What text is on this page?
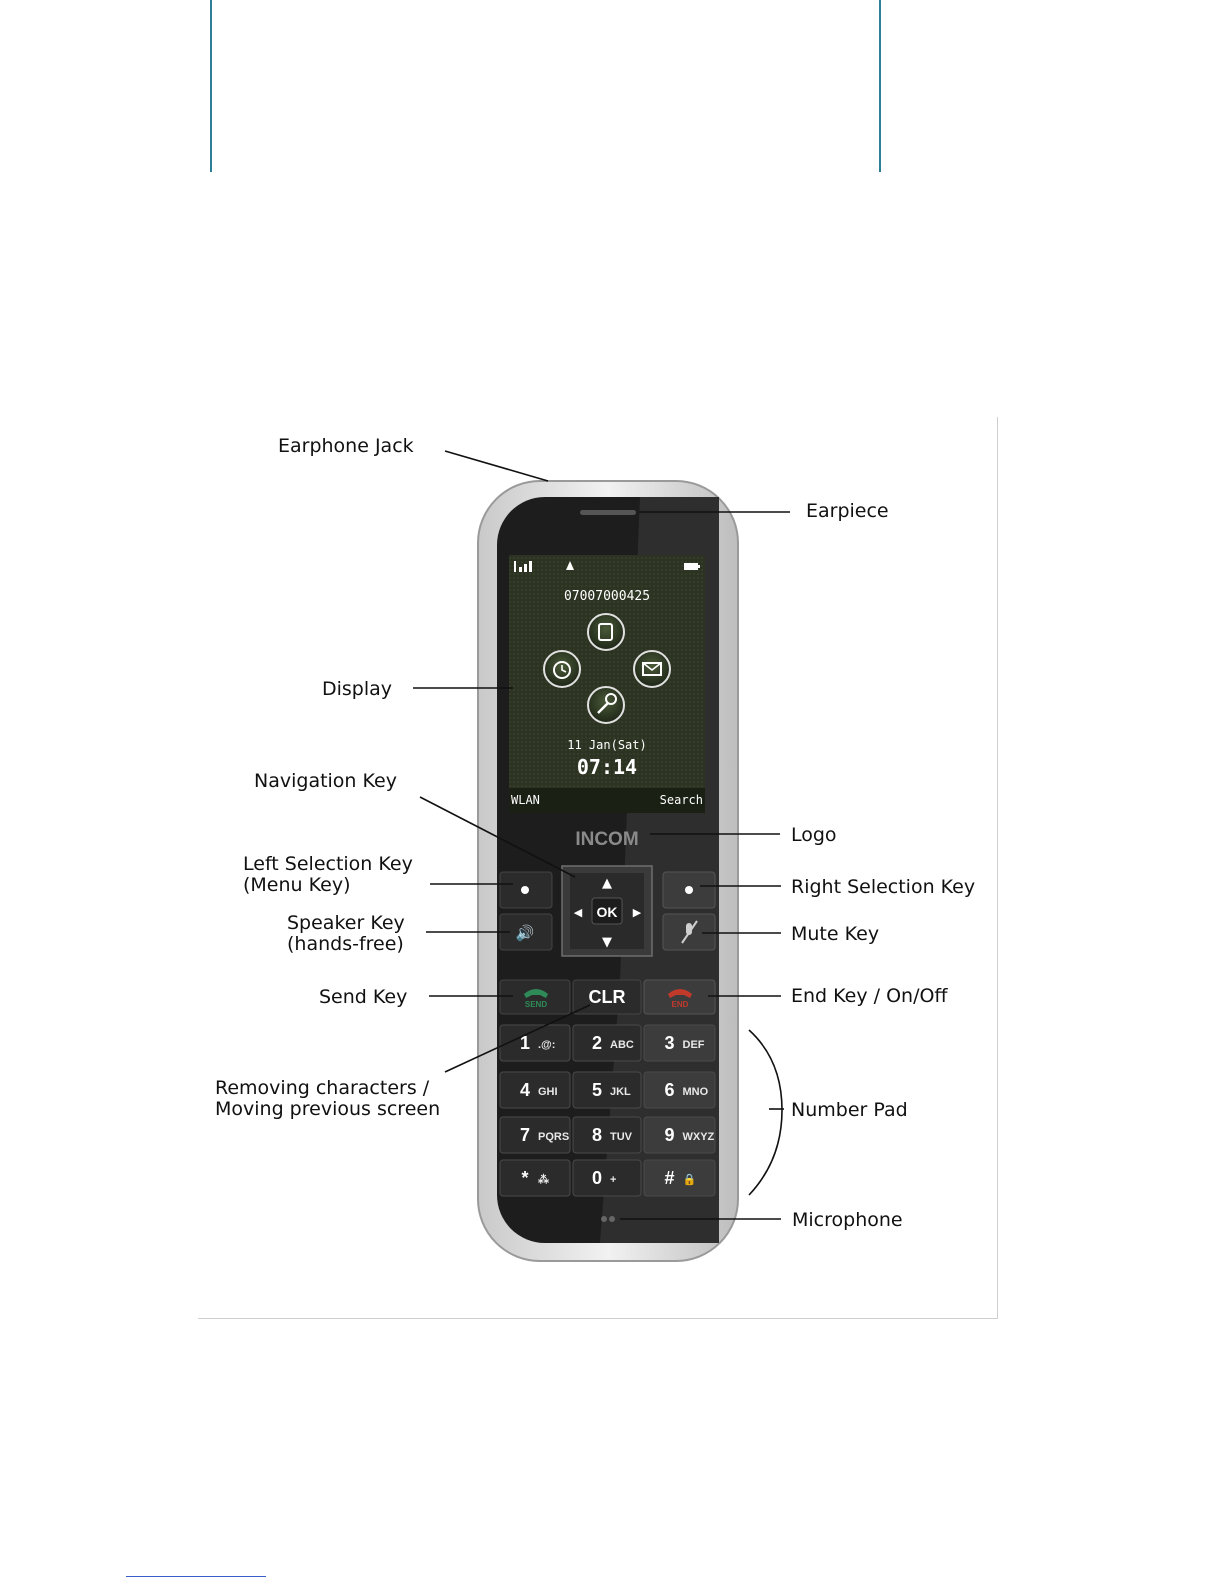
07007000425
11 Jan(Sat)
07:14
WLAN	Search
INCOM
▲
▼
◀	▶
OK
🔊
SEND CLR	END
1 .@: 2 ABC 3 DEF
4 GHI 5 JKL 6 MNO
7 PQRS 8 TUV 9 WXYZ
* ⁂ 0 +	# 🔒
Earphone Jack
Earpiece
Display
Navigation Key
Logo
Left Selection Key
(Menu Key)	Right Selection Key
Speaker Key
(hands-free)	Mute Key
Send Key	End Key / On/Off
Removing characters /
Moving previous screen	Number Pad
Microphone
